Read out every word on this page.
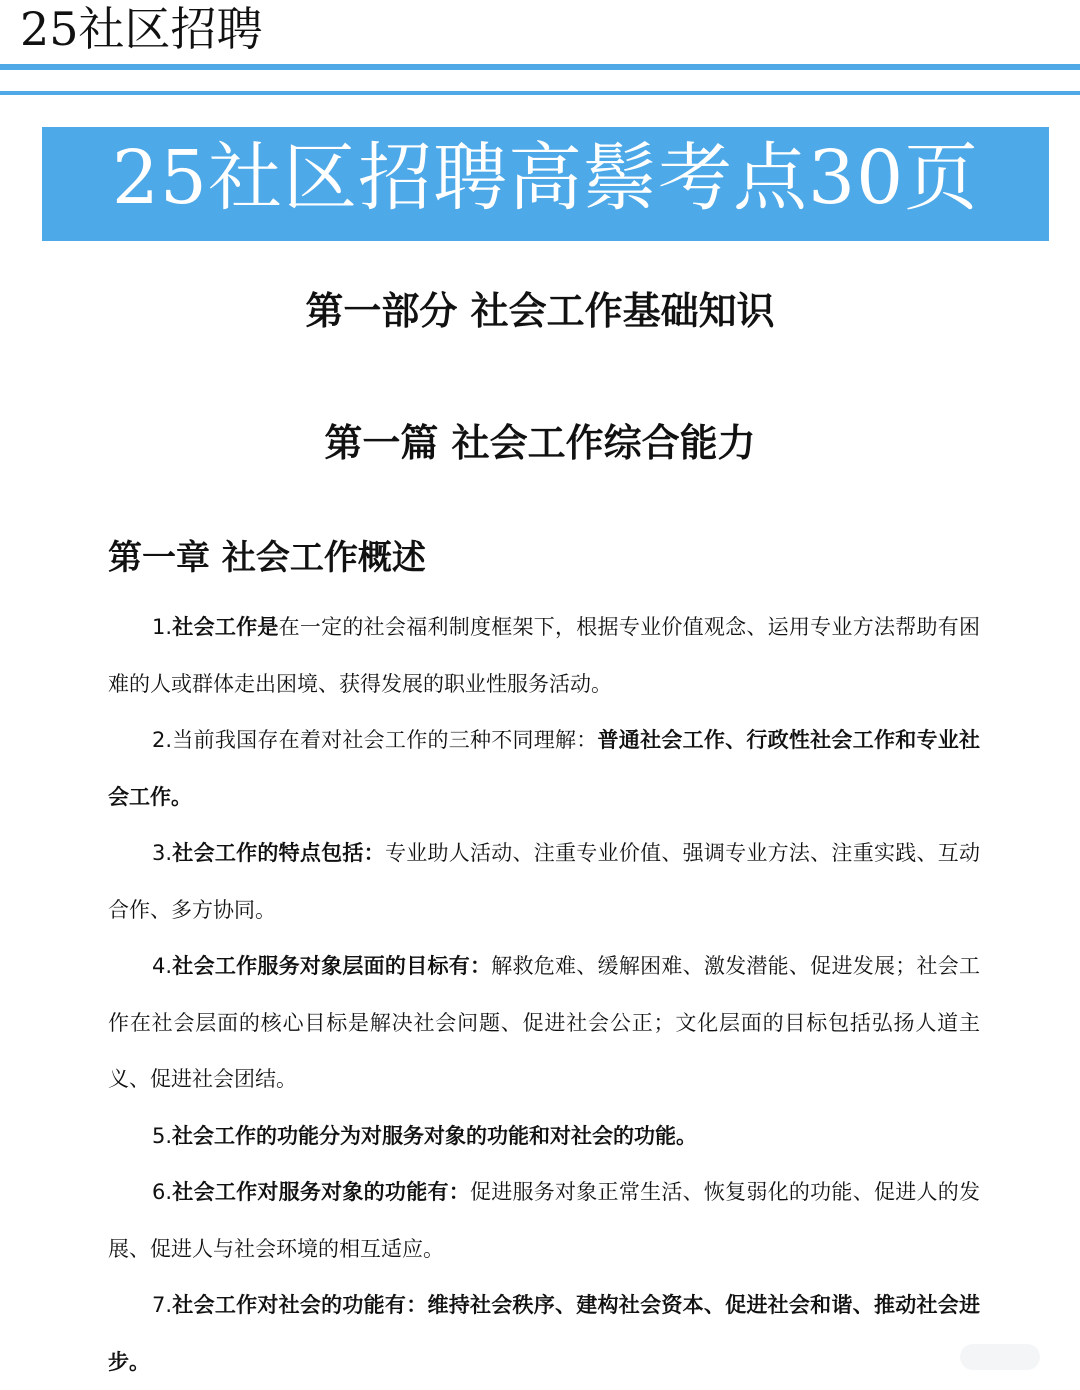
25社区招聘
25社区招聘高鬃考点30页
第一部分 社会工作基础知识
第一篇 社会工作综合能力
第一章 社会工作概述

1.社会工作是在一定的社会福利制度框架下，根据专业价值观念、运用专业方法帮助有困难的人或群体走出困境、获得发展的职业性服务活动。

2.当前我国存在着对社会工作的三种不同理解：普通社会工作、行政性社会工作和专业社会工作。

3.社会工作的特点包括：专业助人活动、注重专业价值、强调专业方法、注重实践、互动合作、多方协同。

4.社会工作服务对象层面的目标有：解救危难、缓解困难、激发潜能、促进发展；社会工作在社会层面的核心目标是解决社会问题、促进社会公正；文化层面的目标包括弘扬人道主义、促进社会团结。

5.社会工作的功能分为对服务对象的功能和对社会的功能。

6.社会工作对服务对象的功能有：促进服务对象正常生活、恢复弱化的功能、促进人的发展、促进人与社会环境的相互适应。

7.社会工作对社会的功能有：维持社会秩序、建构社会资本、促进社会和谐、推动社会进步。
